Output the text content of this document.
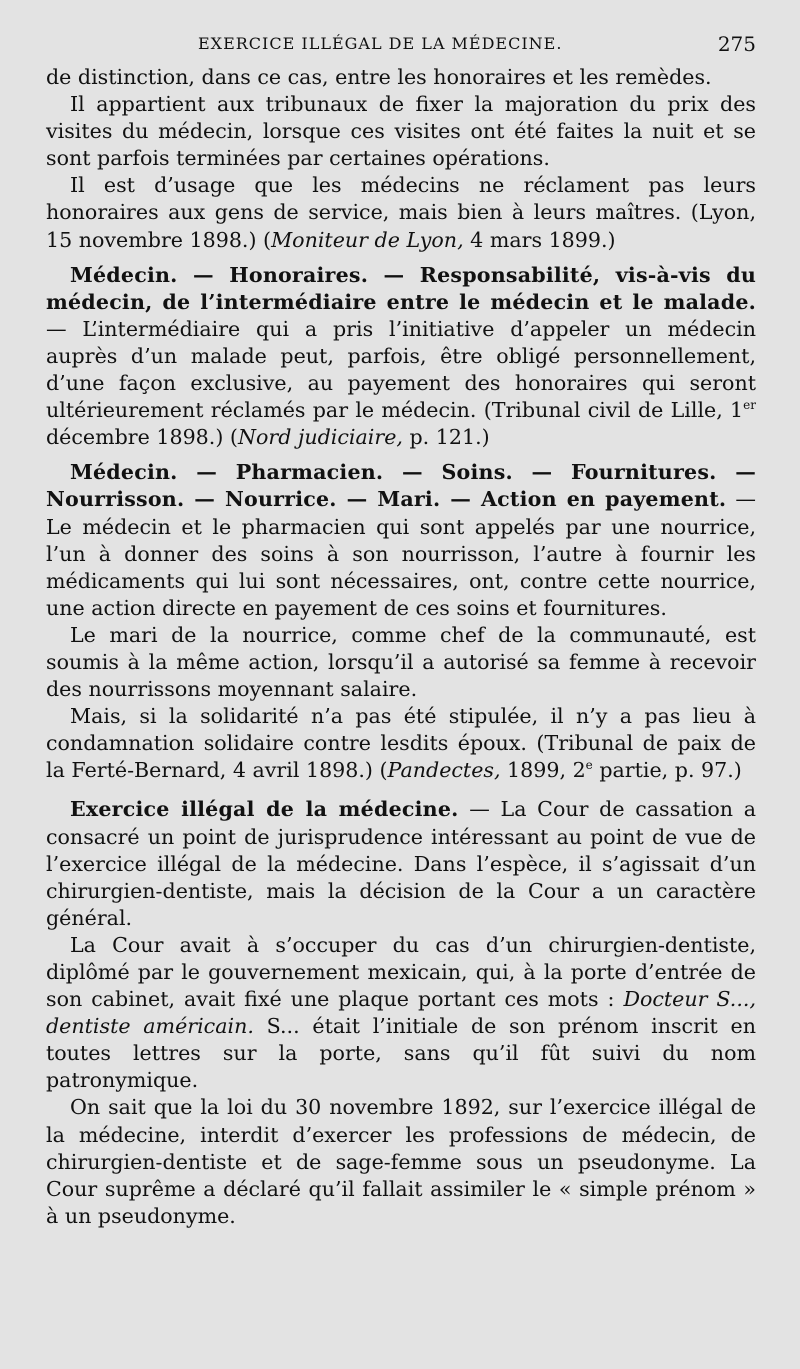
EXERCICE ILLÉGAL DE LA MÉDECINE.	275

de distinction, dans ce cas, entre les honoraires et les remèdes.

Il appartient aux tribunaux de fixer la majoration du prix des visites du médecin, lorsque ces visites ont été faites la nuit et se sont parfois terminées par certaines opérations.

Il est d’usage que les médecins ne réclament pas leurs honoraires aux gens de service, mais bien à leurs maîtres. (Lyon, 15 novembre 1898.) (Moniteur de Lyon, 4 mars 1899.)

Médecin. — Honoraires. — Responsabilité, vis-à-vis du médecin, de l’intermédiaire entre le médecin et le malade. — L’intermédiaire qui a pris l’initiative d’appeler un médecin auprès d’un malade peut, parfois, être obligé personnellement, d’une façon exclusive, au payement des honoraires qui seront ultérieurement réclamés par le médecin. (Tribunal civil de Lille, 1er décembre 1898.) (Nord judiciaire, p. 121.)

Médecin. — Pharmacien. — Soins. — Fournitures. — Nourrisson. — Nourrice. — Mari. — Action en payement. — Le médecin et le pharmacien qui sont appelés par une nourrice, l’un à donner des soins à son nourrisson, l’autre à fournir les médicaments qui lui sont nécessaires, ont, contre cette nourrice, une action directe en payement de ces soins et fournitures.

Le mari de la nourrice, comme chef de la communauté, est soumis à la même action, lorsqu’il a autorisé sa femme à recevoir des nourrissons moyennant salaire.

Mais, si la solidarité n’a pas été stipulée, il n’y a pas lieu à condamnation solidaire contre lesdits époux. (Tribunal de paix de la Ferté-Bernard, 4 avril 1898.) (Pandectes, 1899, 2e partie, p. 97.)

Exercice illégal de la médecine. — La Cour de cassation a consacré un point de jurisprudence intéressant au point de vue de l’exercice illégal de la médecine. Dans l’espèce, il s’agissait d’un chirurgien-dentiste, mais la décision de la Cour a un caractère général.

La Cour avait à s’occuper du cas d’un chirurgien-dentiste, diplômé par le gouvernement mexicain, qui, à la porte d’entrée de son cabinet, avait fixé une plaque portant ces mots : Docteur S..., dentiste américain. S... était l’initiale de son prénom inscrit en toutes lettres sur la porte, sans qu’il fût suivi du nom patronymique.

On sait que la loi du 30 novembre 1892, sur l’exercice illégal de la médecine, interdit d’exercer les professions de médecin, de chirurgien-dentiste et de sage-femme sous un pseudonyme. La Cour suprême a déclaré qu’il fallait assimiler le « simple prénom » à un pseudonyme.
